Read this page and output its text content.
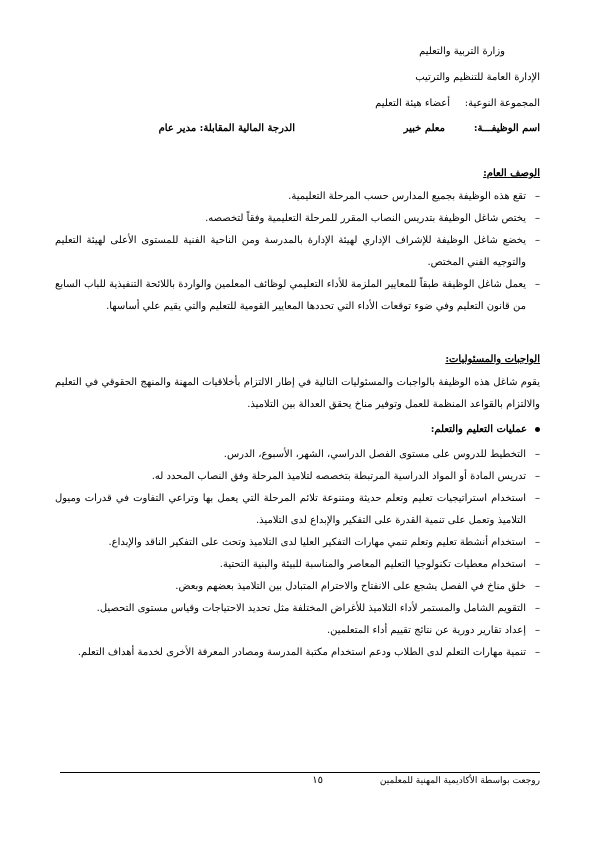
وزارة التربية والتعليم
الإدارة العامة للتنظيم والترتيب
المجموعة النوعية:
أعضاء هيئة التعليم
اسم الوظيفـــة:
معلم خبير
الدرجة المالية المقابلة: مدير عام
الوصف العام:
– تقع هذه الوظيفة بجميع المدارس حسب المرحلة التعليمية.
– يختص شاغل الوظيفة بتدريس النصاب المقرر للمرحلة التعليمية وفقاً لتخصصه.
– يخضع شاغل الوظيفة للإشراف الإداري لهيئة الإدارة بالمدرسة ومن الناحية الفنية للمستوى الأعلى لهيئة التعليم والتوجيه الفني المختص.
– يعمل شاغل الوظيفة طبقاً للمعايير الملزمة للأداء التعليمي لوظائف المعلمين والواردة باللائحة التنفيذية للباب السابع من قانون التعليم وفي ضوء توقعات الأداء التي تحددها المعايير القومية للتعليم والتي يقيم علي أساسها.
الواجبات والمسئوليات:
يقوم شاغل هذه الوظيفة بالواجبات والمسئوليات التالية في إطار الالتزام بأخلاقيات المهنة والمنهج الحقوقي في التعليم والالتزام بالقواعد المنظمة للعمل وتوفير مناخ يحقق العدالة بين التلاميذ.
عمليات التعليم والتعلم:
– التخطيط للدروس على مستوى الفصل الدراسي، الشهر، الأسبوع، الدرس.
– تدريس المادة أو المواد الدراسية المرتبطة بتخصصه لتلاميذ المرحلة وفق النصاب المحدد له.
– استخدام استراتيجيات تعليم وتعلم حديثة ومتنوعة تلائم المرحلة التي يعمل بها وتراعي التفاوت في قدرات وميول التلاميذ وتعمل على تنمية القدرة على التفكير والإبداع لدى التلاميذ.
– استخدام أنشطة تعليم وتعلم تنمي مهارات التفكير العليا لدى التلاميذ وتحث على التفكير الناقد والإبداع.
– استخدام معطيات تكنولوجيا التعليم المعاصر والمناسبة للبيئة والبنية التحتية.
– خلق مناخ في الفصل يشجع على الانفتاح والاحترام المتبادل بين التلاميذ بعضهم وبعض.
– التقويم الشامل والمستمر لأداء التلاميذ للأغراض المختلفة مثل تحديد الاحتياجات وقياس مستوى التحصيل.
– إعداد تقارير دورية عن نتائج تقييم أداء المتعلمين.
– تنمية مهارات التعلم لدى الطلاب ودعم استخدام مكتبة المدرسة ومصادر المعرفة الأخرى لخدمة أهداف التعلم.
روجعت بواسطة الأكاديمية المهنية للمعلمين
١٥
